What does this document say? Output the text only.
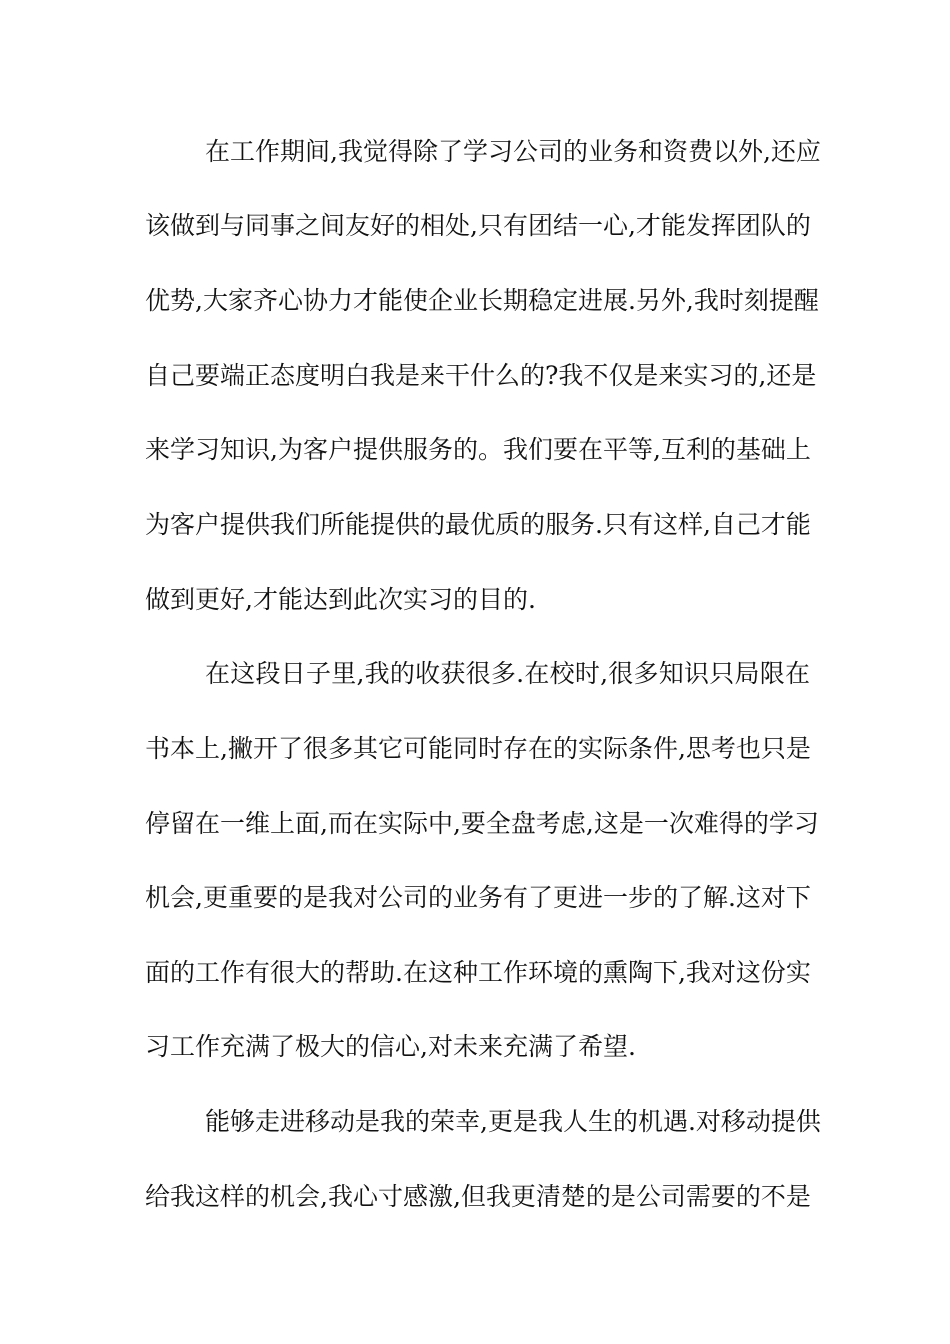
在工作期间,我觉得除了学习公司的业务和资费以外,还应
该做到与同事之间友好的相处,只有团结一心,才能发挥团队的
优势,大家齐心协力才能使企业长期稳定进展.另外,我时刻提醒
自己要端正态度明白我是来干什么的?我不仅是来实习的,还是
来学习知识,为客户提供服务的。我们要在平等,互利的基础上
为客户提供我们所能提供的最优质的服务.只有这样,自己才能
做到更好,才能达到此次实习的目的.
在这段日子里,我的收获很多.在校时,很多知识只局限在
书本上,撇开了很多其它可能同时存在的实际条件,思考也只是
停留在一维上面,而在实际中,要全盘考虑,这是一次难得的学习
机会,更重要的是我对公司的业务有了更进一步的了解.这对下
面的工作有很大的帮助.在这种工作环境的熏陶下,我对这份实
习工作充满了极大的信心,对未来充满了希望.
能够走进移动是我的荣幸,更是我人生的机遇.对移动提供
给我这样的机会,我心寸感激,但我更清楚的是公司需要的不是
